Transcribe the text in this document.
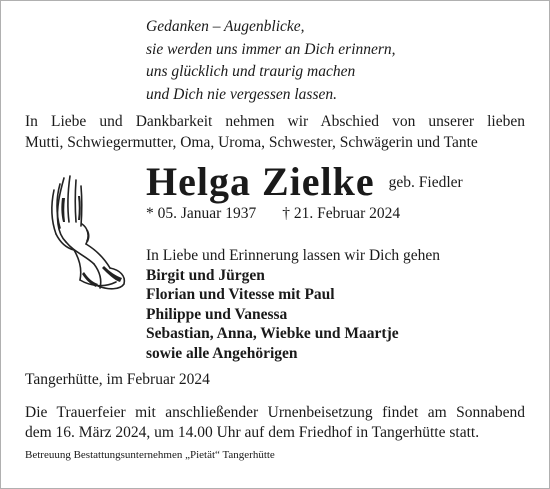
Gedanken – Augenblicke,
sie werden uns immer an Dich erinnern,
uns glücklich und traurig machen
und Dich nie vergessen lassen.
In Liebe und Dankbarkeit nehmen wir Abschied von unserer lieben
Mutti, Schwiegermutter, Oma, Uroma, Schwester, Schwägerin und Tante
Helga Zielke geb. Fiedler
* 05. Januar 1937 † 21. Februar 2024
In Liebe und Erinnerung lassen wir Dich gehen
Birgit und Jürgen
Florian und Vitesse mit Paul
Philippe und Vanessa
Sebastian, Anna, Wiebke und Maartje
sowie alle Angehörigen
Tangerhütte, im Februar 2024
Die Trauerfeier mit anschließender Urnenbeisetzung findet am Sonnabend
dem 16. März 2024, um 14.00 Uhr auf dem Friedhof in Tangerhütte statt.
Betreuung Bestattungsunternehmen „Pietät“ Tangerhütte
